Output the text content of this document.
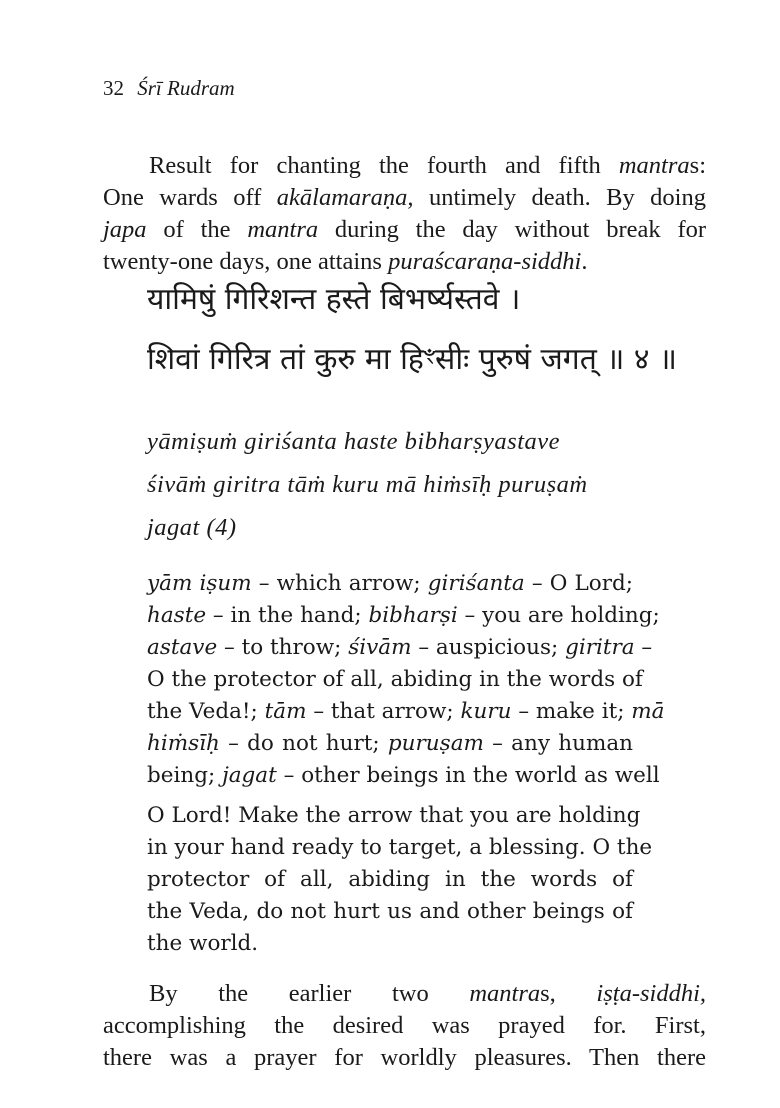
32 Śrī Rudram
Result for chanting the fourth and fifth mantras:
One wards off akālamaraṇa, untimely death. By doing
japa of the mantra during the day without break for
twenty-one days, one attains puraścaraṇa-siddhi.
यामिषुं गिरिशन्त हस्ते बिभर्ष्यस्तवे ।
शिवां गिरित्र तां कुरु मा हिꣳसीः पुरुषं जगत् ॥ ४ ॥
yāmiṣuṁ giriśanta haste bibharṣyastave
śivāṁ giritra tāṁ kuru mā hiṁsīḥ puruṣaṁ
jagat (4)
yām iṣum – which arrow; giriśanta – O Lord;
haste – in the hand; bibharṣi – you are holding;
astave – to throw; śivām – auspicious; giritra –
O the protector of all, abiding in the words of
the Veda!; tām – that arrow; kuru – make it; mā
hiṁsīḥ – do not hurt; puruṣam – any human
being; jagat – other beings in the world as well
O Lord! Make the arrow that you are holding
in your hand ready to target, a blessing. O the
protector of all, abiding in the words of
the Veda, do not hurt us and other beings of
the world.
By the earlier two mantras, iṣṭa-siddhi,
accomplishing the desired was prayed for. First,
there was a prayer for worldly pleasures. Then there
